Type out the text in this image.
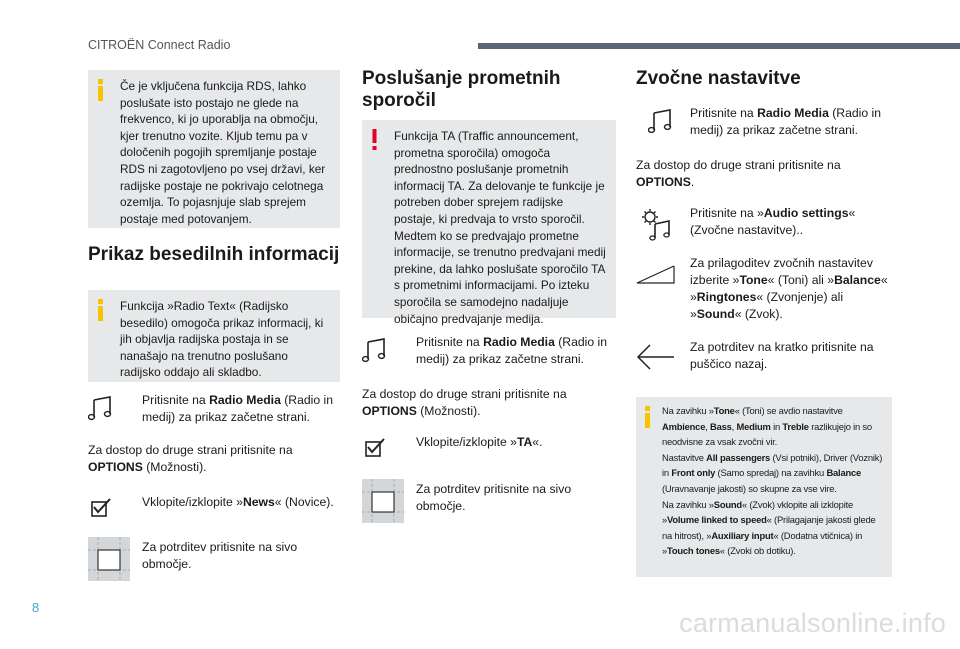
CITROËN Connect Radio
Če je vključena funkcija RDS, lahko poslušate isto postajo ne glede na frekvenco, ki jo uporablja na območju, kjer trenutno vozite. Kljub temu pa v določenih pogojih spremljanje postaje RDS ni zagotovljeno po vsej državi, ker radijske postaje ne pokrivajo celotnega ozemlja. To pojasnjuje slab sprejem postaje med potovanjem.
Prikaz besedilnih informacij
Funkcija »Radio Text« (Radijsko besedilo) omogoča prikaz informacij, ki jih objavlja radijska postaja in se nanašajo na trenutno poslušano radijsko oddajo ali skladbo.
Pritisnite na Radio Media (Radio in medij) za prikaz začetne strani.
Za dostop do druge strani pritisnite na OPTIONS (Možnosti).
Vklopite/izklopite »News« (Novice).
Za potrditev pritisnite na sivo območje.
Poslušanje prometnih sporočil
Funkcija TA (Traffic announcement, prometna sporočila) omogoča prednostno poslušanje prometnih informacij TA. Za delovanje te funkcije je potreben dober sprejem radijske postaje, ki predvaja to vrsto sporočil. Medtem ko se predvajajo prometne informacije, se trenutno predvajani medij prekine, da lahko poslušate sporočilo TA s prometnimi informacijami. Po izteku sporočila se samodejno nadaljuje običajno predvajanje medija.
Pritisnite na Radio Media (Radio in medij) za prikaz začetne strani.
Za dostop do druge strani pritisnite na OPTIONS (Možnosti).
Vklopite/izklopite »TA«.
Za potrditev pritisnite na sivo območje.
Zvočne nastavitve
Pritisnite na Radio Media (Radio in medij) za prikaz začetne strani.
Za dostop do druge strani pritisnite na OPTIONS.
Pritisnite na »Audio settings« (Zvočne nastavitve)..
Za prilagoditev zvočnih nastavitev izberite »Tone« (Toni) ali »Balance« »Ringtones« (Zvonjenje) ali »Sound« (Zvok).
Za potrditev na kratko pritisnite na puščico nazaj.
Na zavihku »Tone« (Toni) se avdio nastavitve Ambience, Bass, Medium in Treble razlikujejo in so neodvisne za vsak zvočni vir.
Nastavitve All passengers (Vsi potniki), Driver (Voznik) in Front only (Samo spredaj) na zavihku Balance (Uravnavanje jakosti) so skupne za vse vire.
Na zavihku »Sound« (Zvok) vklopite ali izklopite »Volume linked to speed« (Prilagajanje jakosti glede na hitrost), »Auxiliary input« (Dodatna vtičnica) in »Touch tones« (Zvoki ob dotiku).
8
carmanualsonline.info
